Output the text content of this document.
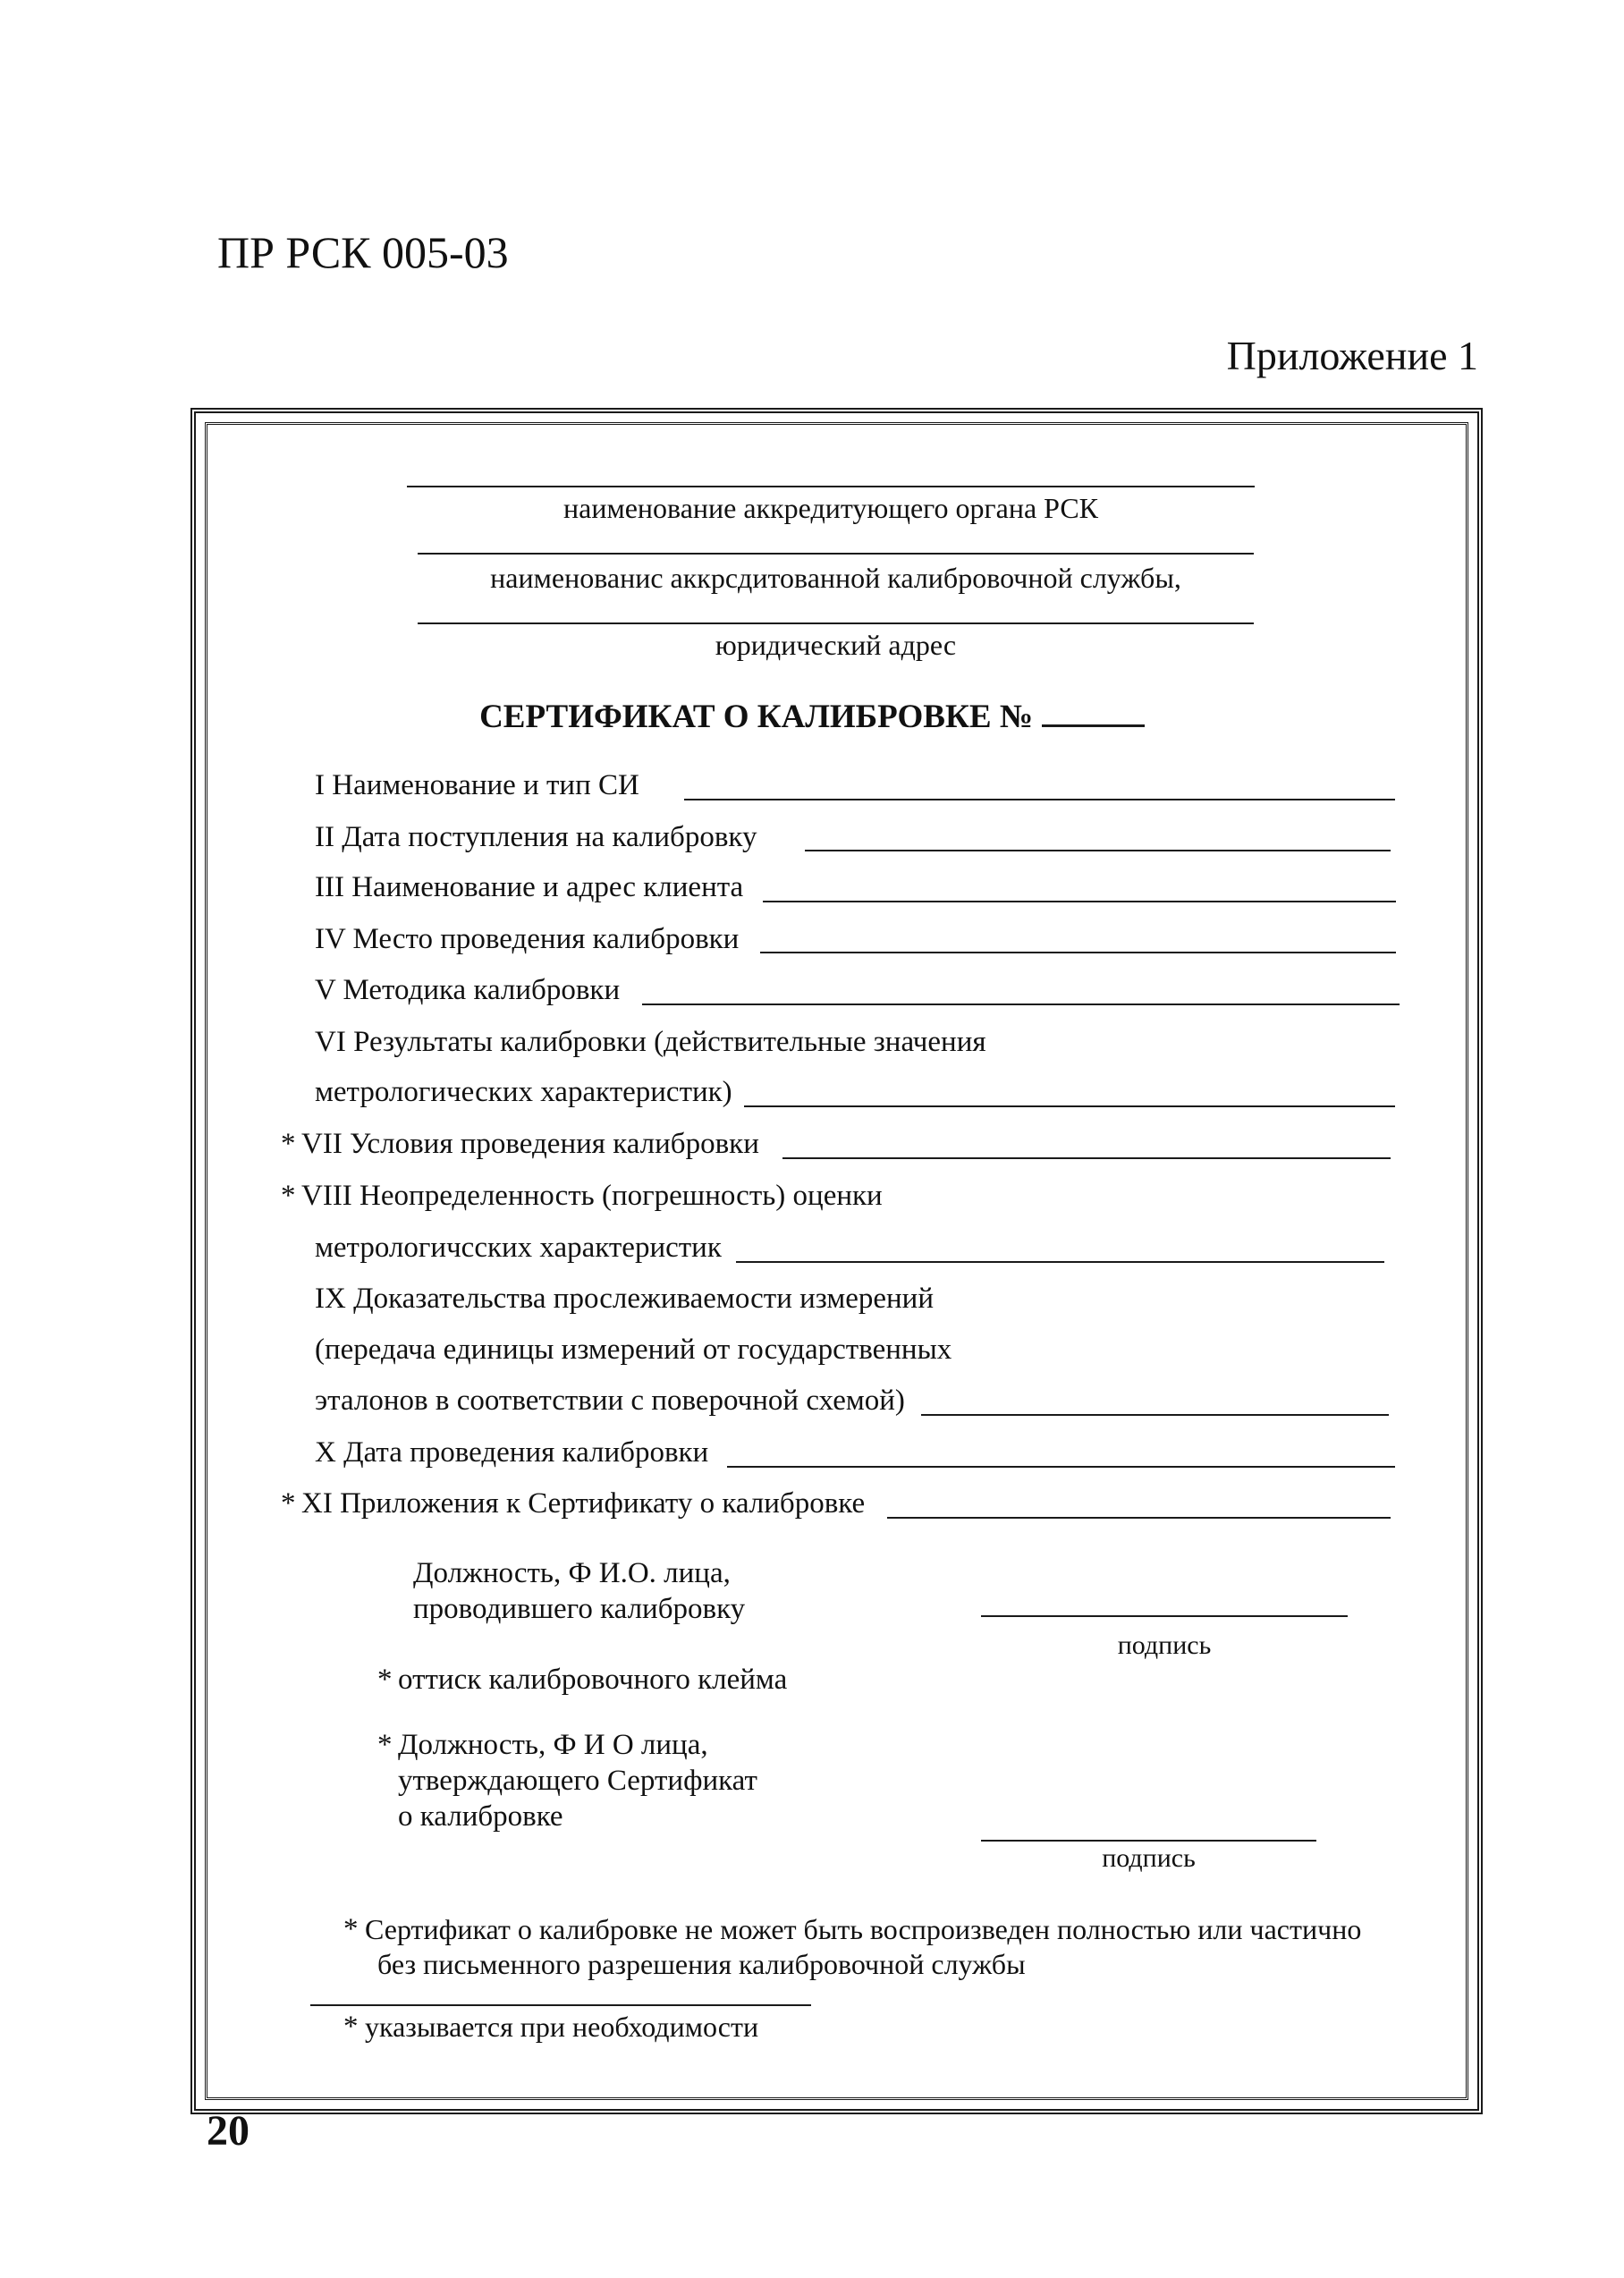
ПР РСК 005-03
Приложение 1
наименование аккредитующего органа РСК
наименованис аккрсдитованной калибровочной службы,
юридический адрес
СЕРТИФИКАТ О КАЛИБРОВКЕ №
I Наименование и тип СИ
II Дата поступления на калибровку
III Наименование и адрес клиента
IV Место проведения калибровки
V Методика калибровки
VI Результаты калибровки (действительные значения
метрологических характеристик)
* VII Условия проведения калибровки
* VIII Неопределенность (погрешность) оценки
метрологичсских характеристик
IX Доказательства прослеживаемости измерений
(передача единицы измерений от государственных
эталонов в соответствии с поверочной схемой)
X Дата проведения калибровки
* XI Приложения к Сертификату о калибровке
Должность, Ф И.О. лица,
проводившего калибровку
подпись
* оттиск калибровочного клейма
* Должность, Ф И О лица,
утверждающего Сертификат
о калибровке
подпись
* Сертификат о калибровке не может быть воспроизведен полностью или частично
без письменного разрешения калибровочной службы
* указывается при необходимости
20
